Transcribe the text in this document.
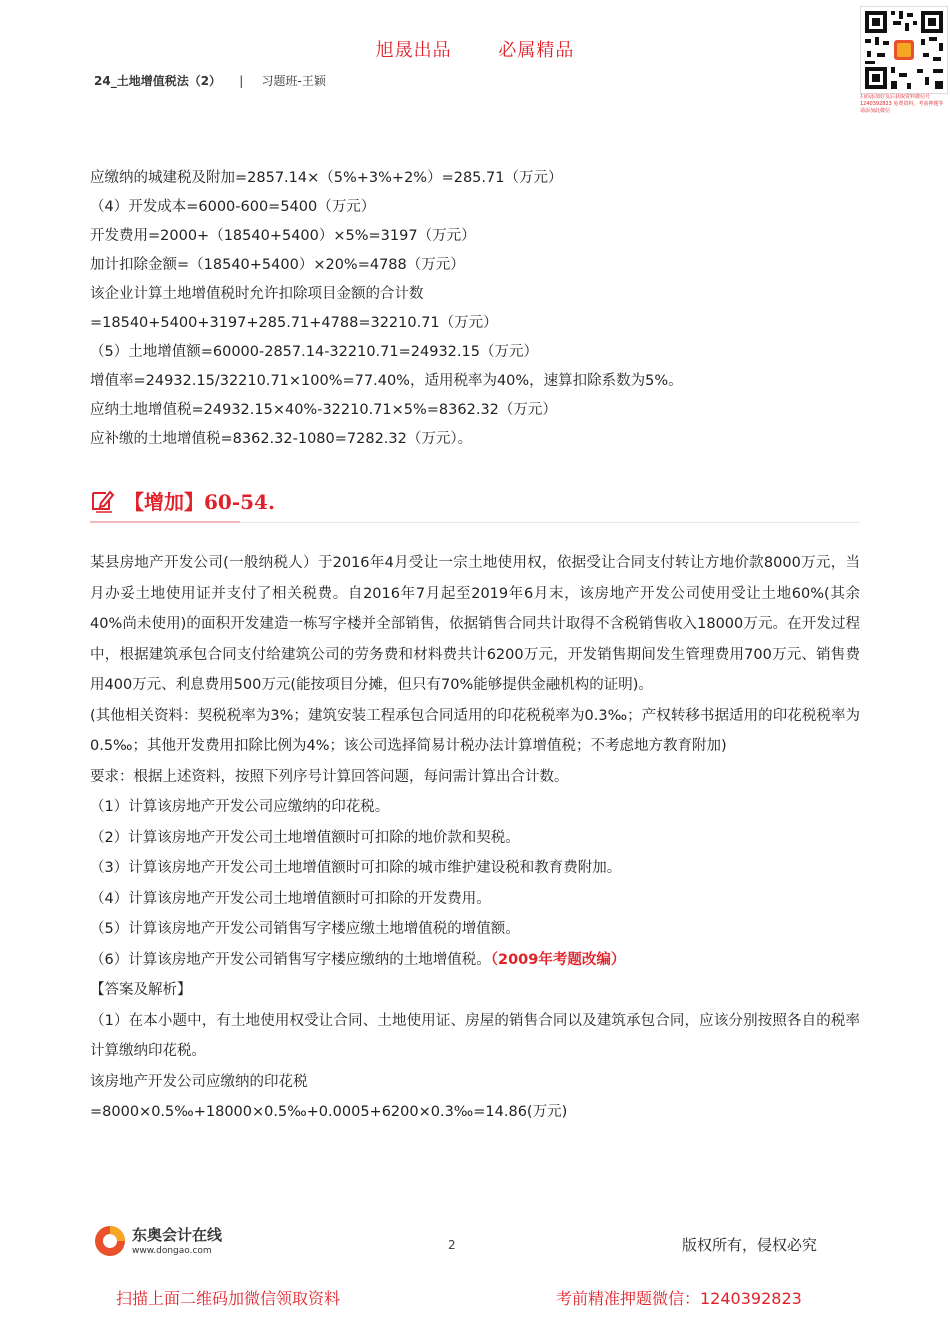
旭晟出品	必属精品
24_土地增值税法（2） | 习题班-王颖
扫码添加好友后获取资料微信号 1240392823 免费资料，考前押题等请添加此微信
应缴纳的城建税及附加=2857.14×（5%+3%+2%）=285.71（万元）
（4）开发成本=6000-600=5400（万元）
开发费用=2000+（18540+5400）×5%=3197（万元）
加计扣除金额=（18540+5400）×20%=4788（万元）
该企业计算土地增值税时允许扣除项目金额的合计数
=18540+5400+3197+285.71+4788=32210.71（万元）
（5）土地增值额=60000-2857.14-32210.71=24932.15（万元）
增值率=24932.15/32210.71×100%=77.40%，适用税率为40%，速算扣除系数为5%。
应纳土地增值税=24932.15×40%-32210.71×5%=8362.32（万元）
应补缴的土地增值税=8362.32-1080=7282.32（万元）。
【增加】60-54.

某县房地产开发公司(一般纳税人）于2016年4月受让一宗土地使用权，依据受让合同支付转让方地价款8000万元，当月办妥土地使用证并支付了相关税费。自2016年7月起至2019年6月末，该房地产开发公司使用受让土地60%(其余40%尚未使用)的面积开发建造一栋写字楼并全部销售，依据销售合同共计取得不含税销售收入18000万元。在开发过程中，根据建筑承包合同支付给建筑公司的劳务费和材料费共计6200万元，开发销售期间发生管理费用700万元、销售费用400万元、利息费用500万元(能按项目分摊，但只有70%能够提供金融机构的证明)。

(其他相关资料：契税税率为3%；建筑安装工程承包合同适用的印花税税率为0.3‰；产权转移书据适用的印花税税率为0.5‰；其他开发费用扣除比例为4%；该公司选择简易计税办法计算增值税；不考虑地方教育附加)

要求：根据上述资料，按照下列序号计算回答问题，每问需计算出合计数。

（1）计算该房地产开发公司应缴纳的印花税。

（2）计算该房地产开发公司土地增值额时可扣除的地价款和契税。

（3）计算该房地产开发公司土地增值额时可扣除的城市维护建设税和教育费附加。

（4）计算该房地产开发公司土地增值额时可扣除的开发费用。

（5）计算该房地产开发公司销售写字楼应缴土地增值税的增值额。

（6）计算该房地产开发公司销售写字楼应缴纳的土地增值税。（2009年考题改编）

【答案及解析】

（1）在本小题中，有土地使用权受让合同、土地使用证、房屋的销售合同以及建筑承包合同，应该分别按照各自的税率计算缴纳印花税。

该房地产开发公司应缴纳的印花税

=8000×0.5‰+18000×0.5‰+0.0005+6200×0.3‰=14.86(万元)

东奥会计在线
www.dongao.com	2	版权所有，侵权必究
扫描上面二维码加微信领取资料	考前精准押题微信：1240392823
